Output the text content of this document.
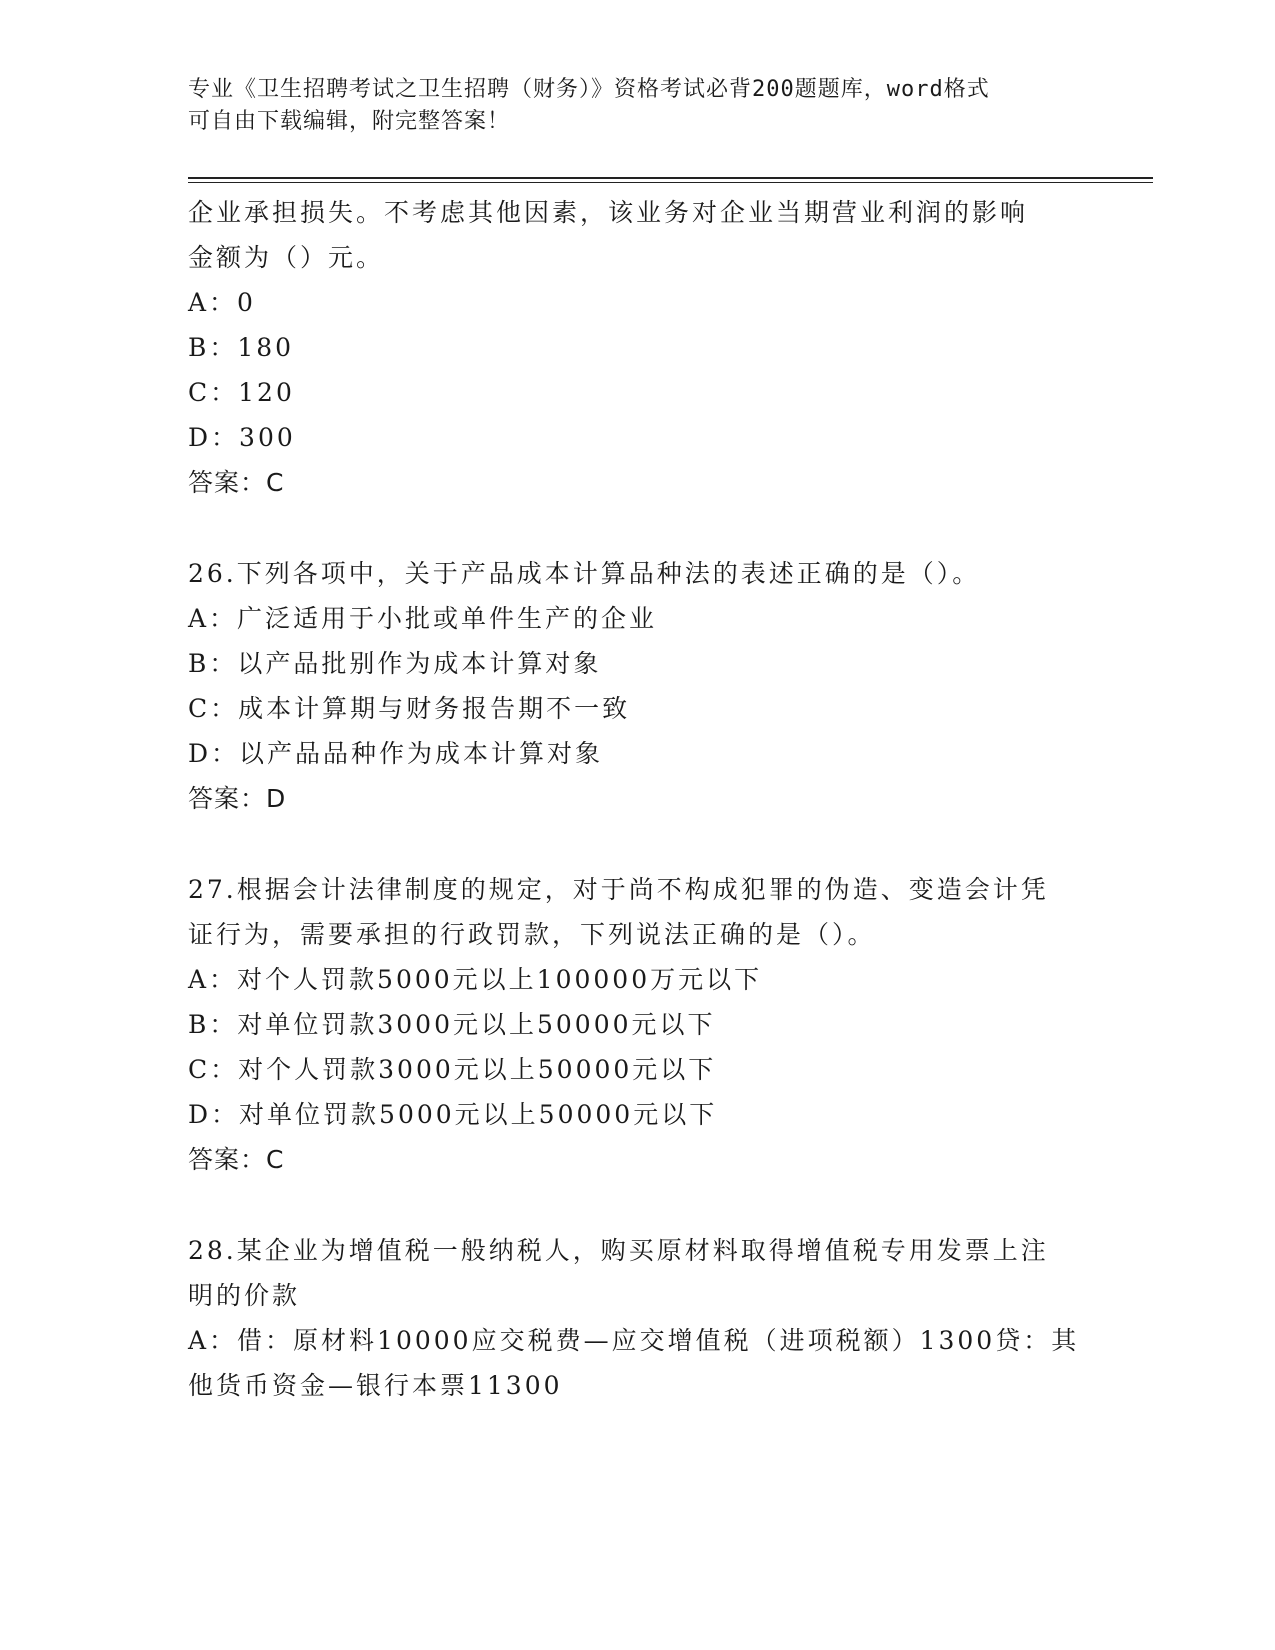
专业《卫生招聘考试之卫生招聘（财务）》资格考试必背200题题库，word格式
可自由下载编辑，附完整答案！
企业承担损失。不考虑其他因素，该业务对企业当期营业利润的影响
金额为（）元。
A：0
B：180
C：120
D：300
答案：C
26.下列各项中，关于产品成本计算品种法的表述正确的是（）。
A：广泛适用于小批或单件生产的企业
B：以产品批别作为成本计算对象
C：成本计算期与财务报告期不一致
D：以产品品种作为成本计算对象
答案：D
27.根据会计法律制度的规定，对于尚不构成犯罪的伪造、变造会计凭
证行为，需要承担的行政罚款，下列说法正确的是（）。
A：对个人罚款5000元以上100000万元以下
B：对单位罚款3000元以上50000元以下
C：对个人罚款3000元以上50000元以下
D：对单位罚款5000元以上50000元以下
答案：C
28.某企业为增值税一般纳税人，购买原材料取得增值税专用发票上注
明的价款
A：借：原材料10000应交税费—应交增值税（进项税额）1300贷：其
他货币资金—银行本票11300
